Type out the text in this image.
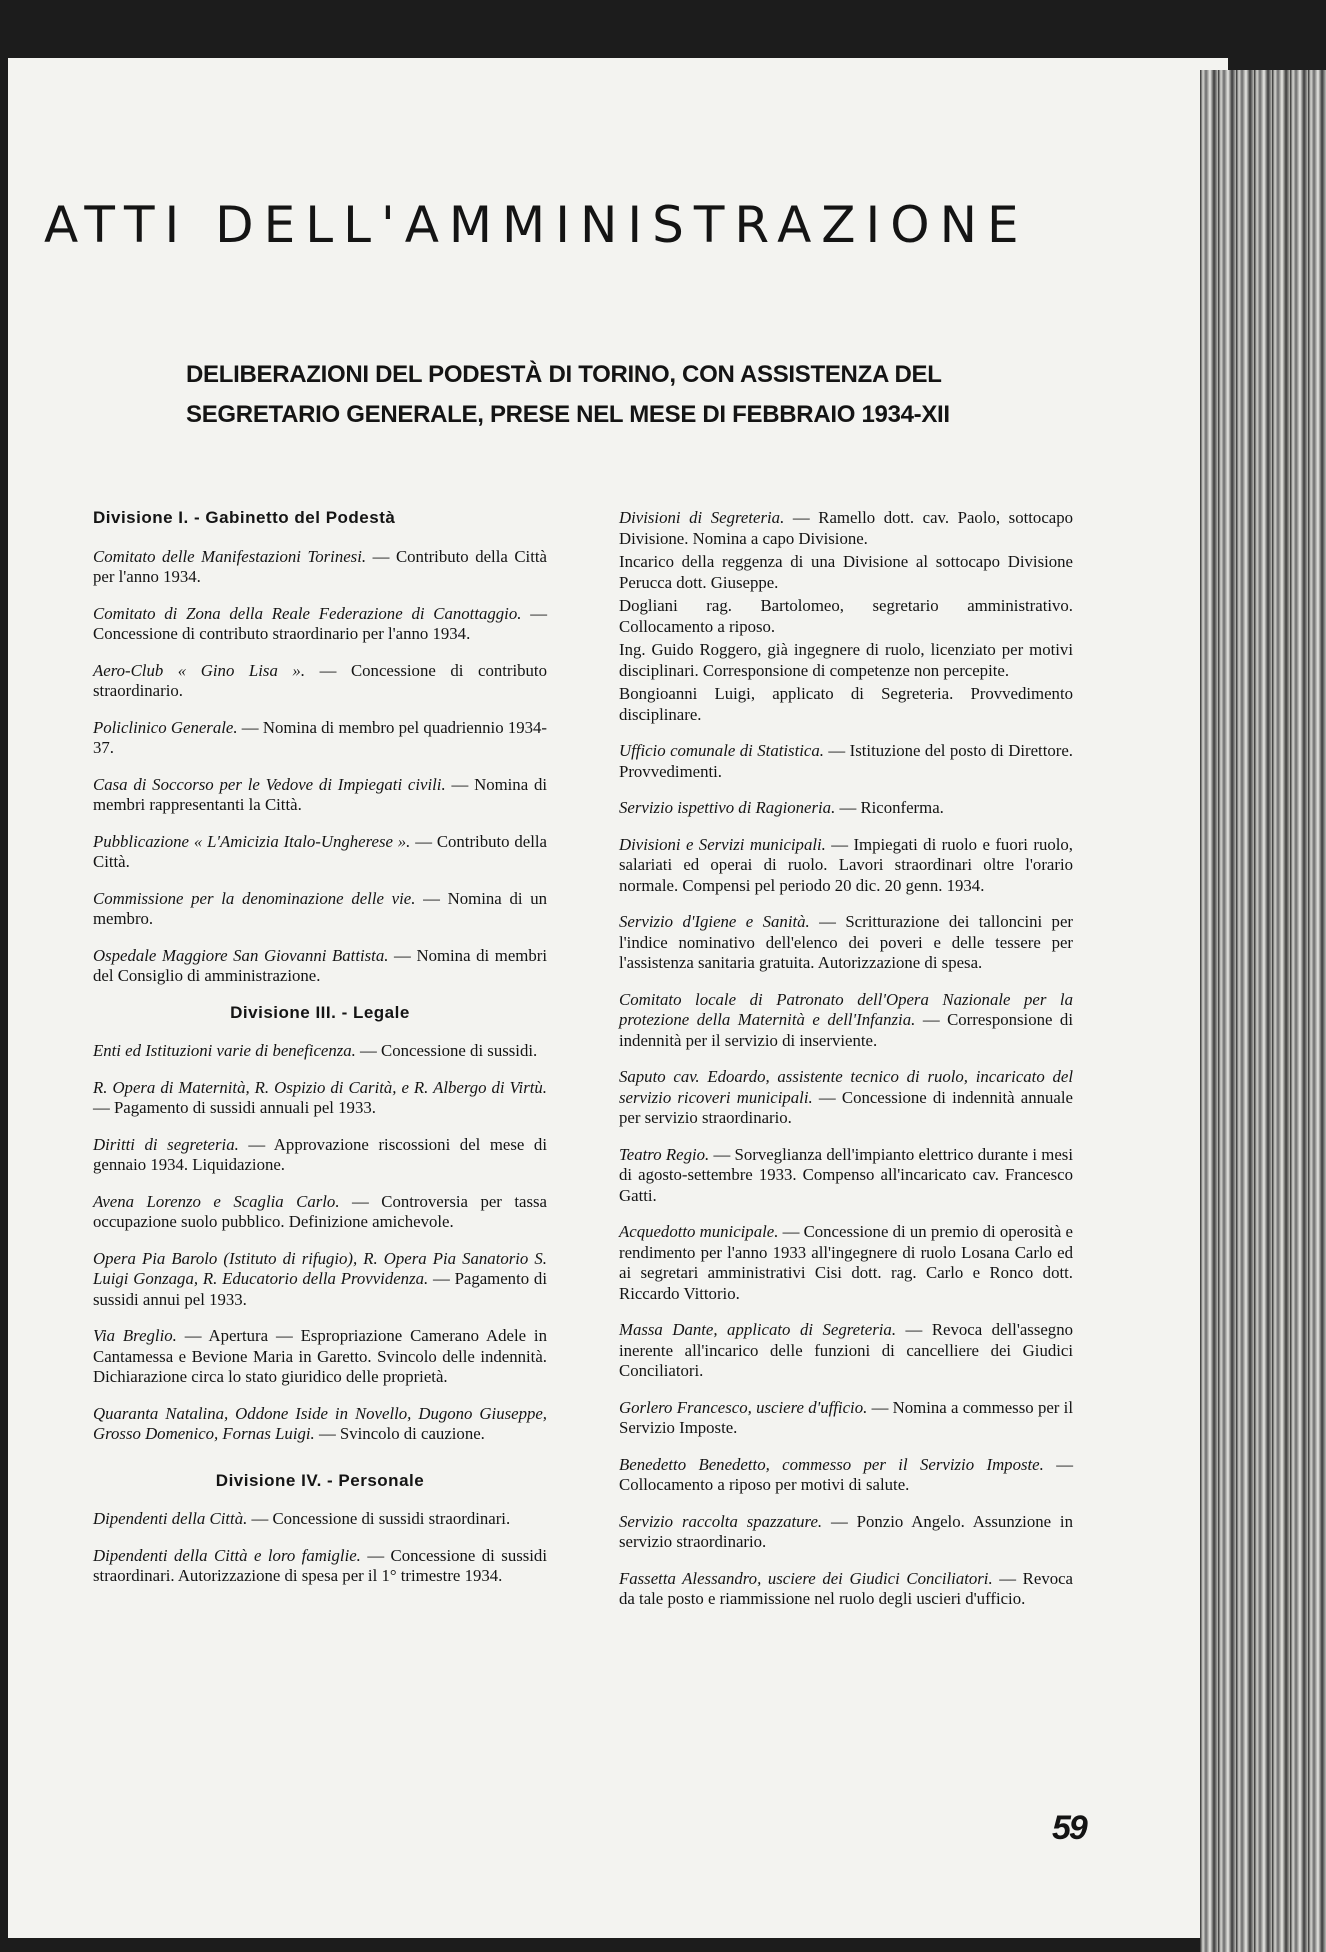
ATTI DELL'AMMINISTRAZIONE
DELIBERAZIONI DEL PODESTÀ DI TORINO, CON ASSISTENZA DEL
SEGRETARIO GENERALE, PRESE NEL MESE DI FEBBRAIO 1934-XII
Divisione I. - Gabinetto del Podestà

Comitato delle Manifestazioni Torinesi. — Contributo della Città per l'anno 1934.

Comitato di Zona della Reale Federazione di Canottaggio. — Concessione di contributo straordinario per l'anno 1934.

Aero-Club « Gino Lisa ». — Concessione di contributo straordinario.

Policlinico Generale. — Nomina di membro pel quadriennio 1934-37.

Casa di Soccorso per le Vedove di Impiegati civili. — Nomina di membri rappresentanti la Città.

Pubblicazione « L'Amicizia Italo-Ungherese ». — Contributo della Città.

Commissione per la denominazione delle vie. — Nomina di un membro.

Ospedale Maggiore San Giovanni Battista. — Nomina di membri del Consiglio di amministrazione.

Divisione III. - Legale

Enti ed Istituzioni varie di beneficenza. — Concessione di sussidi.

R. Opera di Maternità, R. Ospizio di Carità, e R. Albergo di Virtù. — Pagamento di sussidi annuali pel 1933.

Diritti di segreteria. — Approvazione riscossioni del mese di gennaio 1934. Liquidazione.

Avena Lorenzo e Scaglia Carlo. — Controversia per tassa occupazione suolo pubblico. Definizione amichevole.

Opera Pia Barolo (Istituto di rifugio), R. Opera Pia Sanatorio S. Luigi Gonzaga, R. Educatorio della Provvidenza. — Pagamento di sussidi annui pel 1933.

Via Breglio. — Apertura — Espropriazione Camerano Adele in Cantamessa e Bevione Maria in Garetto. Svincolo delle indennità. Dichiarazione circa lo stato giuridico delle proprietà.

Quaranta Natalina, Oddone Iside in Novello, Dugono Giuseppe, Grosso Domenico, Fornas Luigi. — Svincolo di cauzione.

Divisione IV. - Personale

Dipendenti della Città. — Concessione di sussidi straordinari.

Dipendenti della Città e loro famiglie. — Concessione di sussidi straordinari. Autorizzazione di spesa per il 1° trimestre 1934.

Divisioni di Segreteria. — Ramello dott. cav. Paolo, sottocapo Divisione. Nomina a capo Divisione.

Incarico della reggenza di una Divisione al sottocapo Divisione Perucca dott. Giuseppe.

Dogliani rag. Bartolomeo, segretario amministrativo. Collocamento a riposo.

Ing. Guido Roggero, già ingegnere di ruolo, licenziato per motivi disciplinari. Corresponsione di competenze non percepite.

Bongioanni Luigi, applicato di Segreteria. Provvedimento disciplinare.

Ufficio comunale di Statistica. — Istituzione del posto di Direttore. Provvedimenti.

Servizio ispettivo di Ragioneria. — Riconferma.

Divisioni e Servizi municipali. — Impiegati di ruolo e fuori ruolo, salariati ed operai di ruolo. Lavori straordinari oltre l'orario normale. Compensi pel periodo 20 dic. 20 genn. 1934.

Servizio d'Igiene e Sanità. — Scritturazione dei talloncini per l'indice nominativo dell'elenco dei poveri e delle tessere per l'assistenza sanitaria gratuita. Autorizzazione di spesa.

Comitato locale di Patronato dell'Opera Nazionale per la protezione della Maternità e dell'Infanzia. — Corresponsione di indennità per il servizio di inserviente.

Saputo cav. Edoardo, assistente tecnico di ruolo, incaricato del servizio ricoveri municipali. — Concessione di indennità annuale per servizio straordinario.

Teatro Regio. — Sorveglianza dell'impianto elettrico durante i mesi di agosto-settembre 1933. Compenso all'incaricato cav. Francesco Gatti.

Acquedotto municipale. — Concessione di un premio di operosità e rendimento per l'anno 1933 all'ingegnere di ruolo Losana Carlo ed ai segretari amministrativi Cisi dott. rag. Carlo e Ronco dott. Riccardo Vittorio.

Massa Dante, applicato di Segreteria. — Revoca dell'assegno inerente all'incarico delle funzioni di cancelliere dei Giudici Conciliatori.

Gorlero Francesco, usciere d'ufficio. — Nomina a commesso per il Servizio Imposte.

Benedetto Benedetto, commesso per il Servizio Imposte. — Collocamento a riposo per motivi di salute.

Servizio raccolta spazzature. — Ponzio Angelo. Assunzione in servizio straordinario.

Fassetta Alessandro, usciere dei Giudici Conciliatori. — Revoca da tale posto e riammissione nel ruolo degli uscieri d'ufficio.

59
